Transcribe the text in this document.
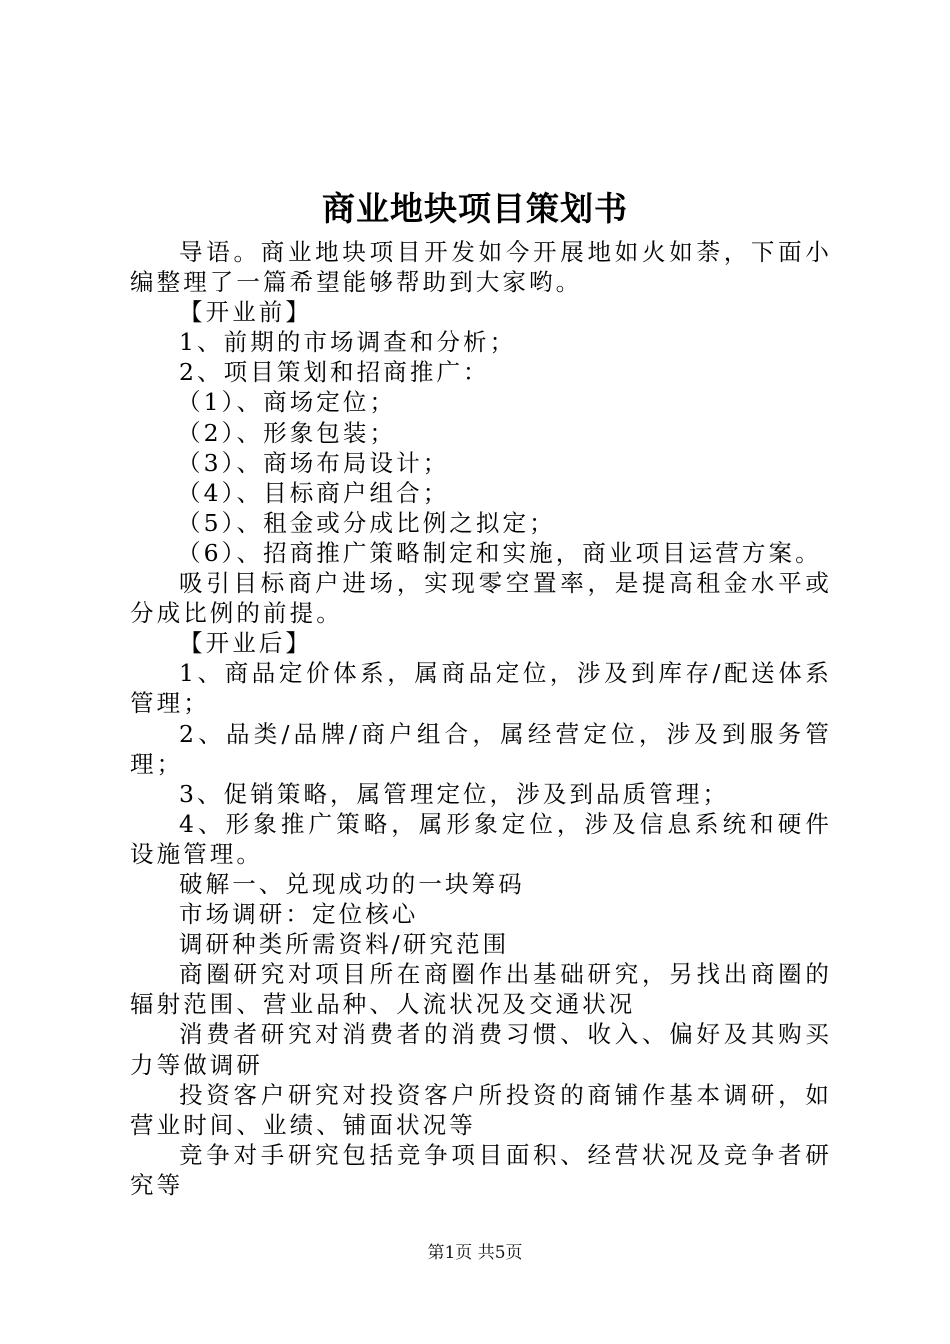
商业地块项目策划书

导语。商业地块项目开发如今开展地如火如荼，下面小编整理了一篇希望能够帮助到大家哟。

【开业前】

1、前期的市场调查和分析；

2、项目策划和招商推广：

（1）、商场定位；

（2）、形象包装；

（3）、商场布局设计；

（4）、目标商户组合；

（5）、租金或分成比例之拟定；

（6）、招商推广策略制定和实施，商业项目运营方案。

吸引目标商户进场，实现零空置率，是提高租金水平或分成比例的前提。

【开业后】

1、商品定价体系，属商品定位，涉及到库存/配送体系管理；

2、品类/品牌/商户组合，属经营定位，涉及到服务管理；

3、促销策略，属管理定位，涉及到品质管理；

4、形象推广策略，属形象定位，涉及信息系统和硬件设施管理。

破解一、兑现成功的一块筹码

市场调研：定位核心

调研种类所需资料/研究范围

商圈研究对项目所在商圈作出基础研究，另找出商圈的辐射范围、营业品种、人流状况及交通状况

消费者研究对消费者的消费习惯、收入、偏好及其购买力等做调研

投资客户研究对投资客户所投资的商铺作基本调研，如营业时间、业绩、铺面状况等

竞争对手研究包括竞争项目面积、经营状况及竞争者研究等

第1页 共5页
